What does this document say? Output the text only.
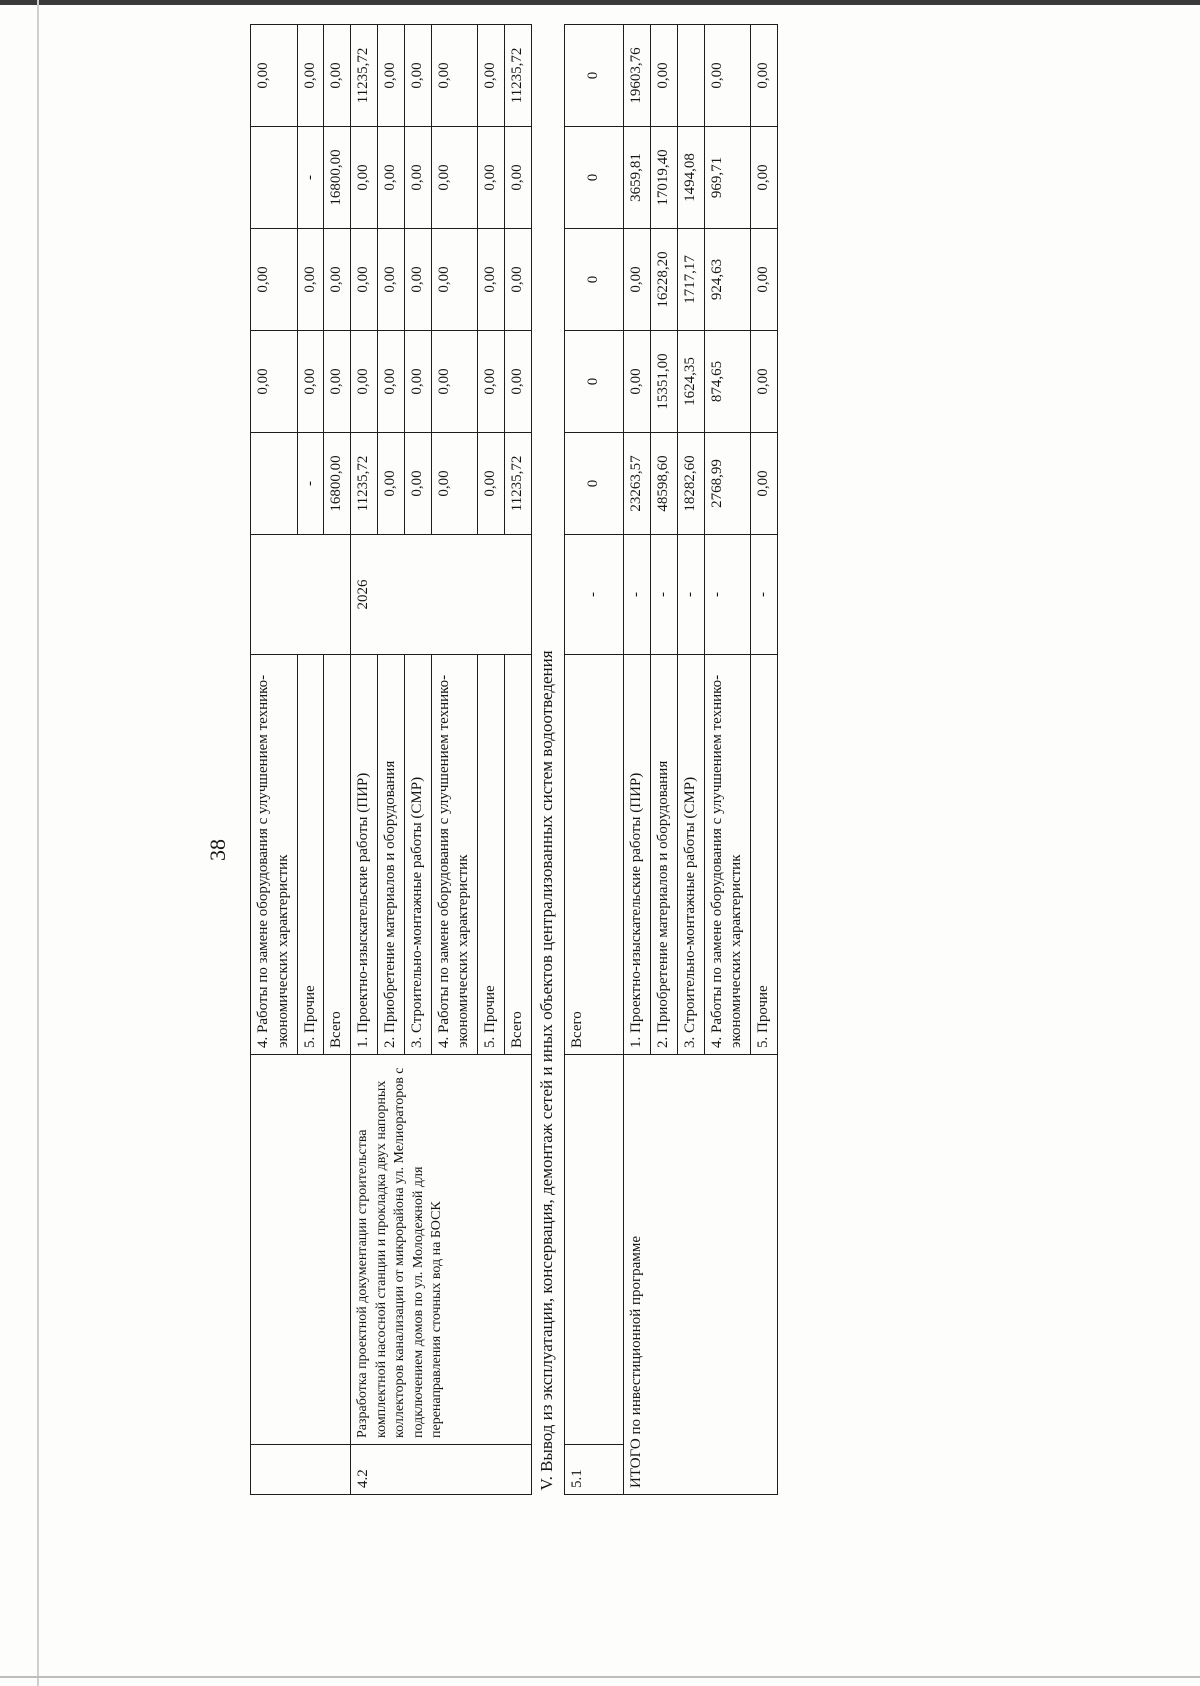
38
		4. Работы по замене оборудования с улучшением технико-экономических характеристик			0,00	0,00		0,00
		5. Прочие		-	0,00	0,00	-	0,00
		Всего		16800,00	0,00	0,00	16800,00	0,00
4.2	Разработка проектной документации строительства комплектной насосной станции и прокладка двух напорных коллекторов канализации от микрорайона ул. Мелиораторов с подключением домов по ул. Молодежной для перенаправления сточных вод на БОСК	1. Проектно-изыскательские работы (ПИР)	2026	11235,72	0,00	0,00	0,00	11235,72
		2. Приобретение материалов и оборудования		0,00	0,00	0,00	0,00	0,00
		3. Строительно-монтажные работы (СМР)		0,00	0,00	0,00	0,00	0,00
		4. Работы по замене оборудования с улучшением технико-экономических характеристик		0,00	0,00	0,00	0,00	0,00
		5. Прочие		0,00	0,00	0,00	0,00	0,00
		Всего		11235,72	0,00	0,00	0,00	11235,72
V. Вывод из эксплуатации, консервация, демонтаж сетей и иных объектов централизованных систем водоотведения								
5.1		Всего	-	0	0	0	0	0
ИТОГО по инвестиционной программе		1. Проектно-изыскательские работы (ПИР)	-	23263,57	0,00	0,00	3659,81	19603,76
		2. Приобретение материалов и оборудования	-	48598,60	15351,00	16228,20	17019,40	0,00
		3. Строительно-монтажные работы (СМР)	-	18282,60	1624,35	1717,17	1494,08	
		4. Работы по замене оборудования с улучшением технико-экономических характеристик	-	2768,99	874,65	924,63	969,71	0,00
		5. Прочие	-	0,00	0,00	0,00	0,00	0,00
